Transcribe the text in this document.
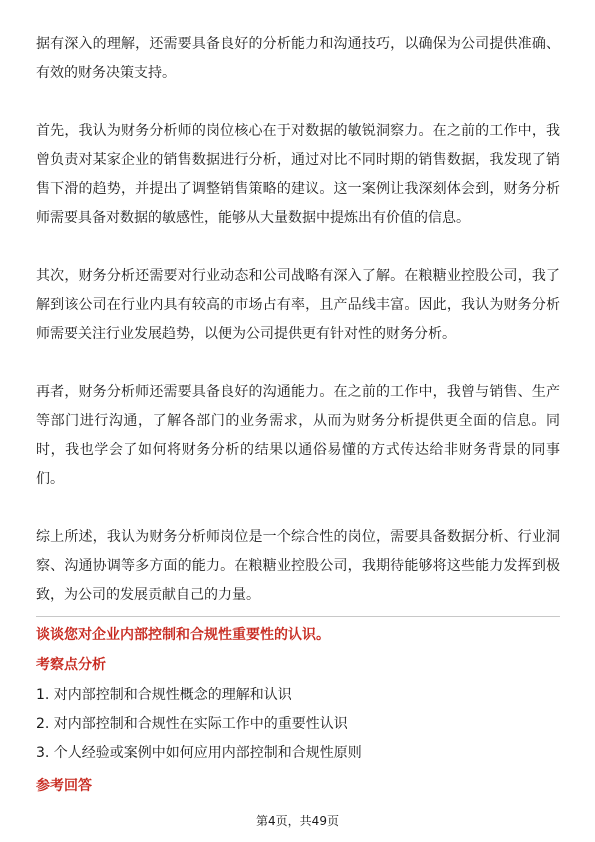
据有深入的理解，还需要具备良好的分析能力和沟通技巧，以确保为公司提供准确、有效的财务决策支持。

首先，我认为财务分析师的岗位核心在于对数据的敏锐洞察力。在之前的工作中，我曾负责对某家企业的销售数据进行分析，通过对比不同时期的销售数据，我发现了销售下滑的趋势，并提出了调整销售策略的建议。这一案例让我深刻体会到，财务分析师需要具备对数据的敏感性，能够从大量数据中提炼出有价值的信息。

其次，财务分析还需要对行业动态和公司战略有深入了解。在粮糖业控股公司，我了解到该公司在行业内具有较高的市场占有率，且产品线丰富。因此，我认为财务分析师需要关注行业发展趋势，以便为公司提供更有针对性的财务分析。

再者，财务分析师还需要具备良好的沟通能力。在之前的工作中，我曾与销售、生产等部门进行沟通，了解各部门的业务需求，从而为财务分析提供更全面的信息。同时，我也学会了如何将财务分析的结果以通俗易懂的方式传达给非财务背景的同事们。

综上所述，我认为财务分析师岗位是一个综合性的岗位，需要具备数据分析、行业洞察、沟通协调等多方面的能力。在粮糖业控股公司，我期待能够将这些能力发挥到极致，为公司的发展贡献自己的力量。

谈谈您对企业内部控制和合规性重要性的认识。
考察点分析
1. 对内部控制和合规性概念的理解和认识
2. 对内部控制和合规性在实际工作中的重要性认识
3. 个人经验或案例中如何应用内部控制和合规性原则
参考回答
第4页，共49页
